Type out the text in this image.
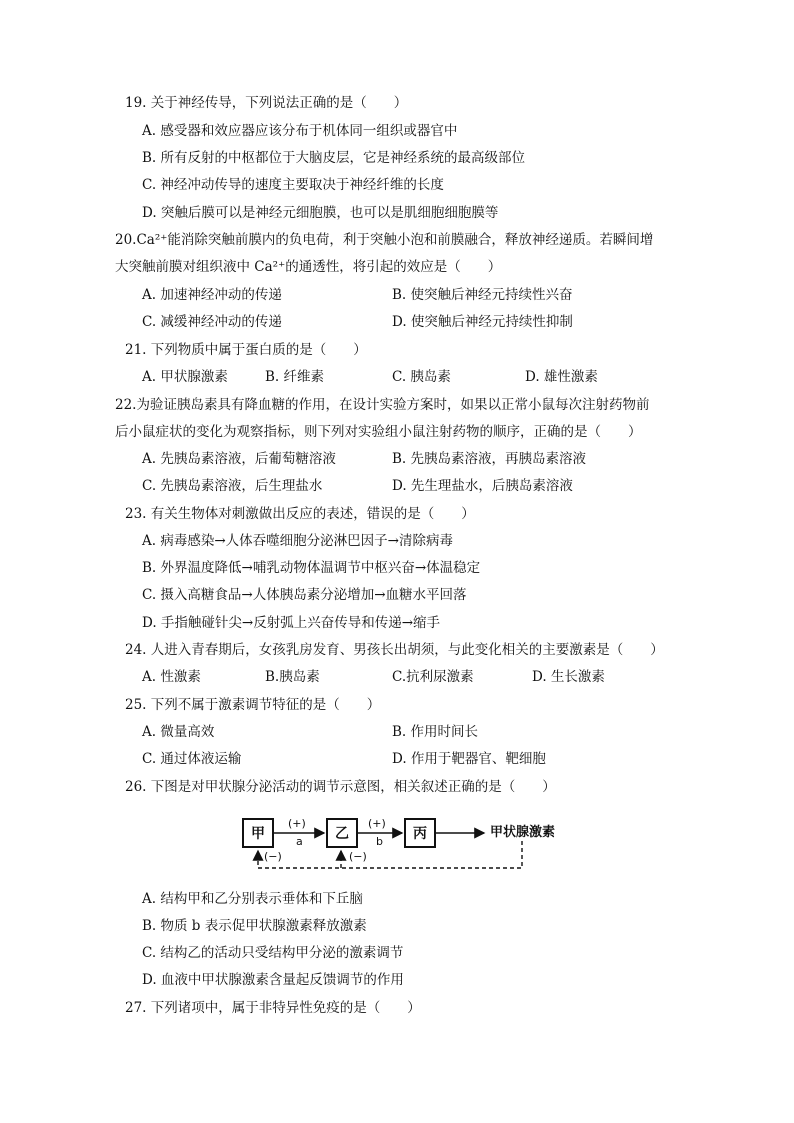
19. 关于神经传导，下列说法正确的是（　　）
A. 感受器和效应器应该分布于机体同一组织或器官中
B. 所有反射的中枢都位于大脑皮层，它是神经系统的最高级部位
C. 神经冲动传导的速度主要取决于神经纤维的长度
D. 突触后膜可以是神经元细胞膜，也可以是肌细胞细胞膜等
20.Ca²⁺能消除突触前膜内的负电荷，利于突触小泡和前膜融合，释放神经递质。若瞬间增
大突触前膜对组织液中 Ca²⁺的通透性，将引起的效应是（　　）
A. 加速神经冲动的传递	B. 使突触后神经元持续性兴奋
C. 减缓神经冲动的传递	D. 使突触后神经元持续性抑制
21. 下列物质中属于蛋白质的是（　　）
A. 甲状腺激素	B. 纤维素	C. 胰岛素	D. 雄性激素
22.为验证胰岛素具有降血糖的作用，在设计实验方案时，如果以正常小鼠每次注射药物前
后小鼠症状的变化为观察指标，则下列对实验组小鼠注射药物的顺序，正确的是（　　）
A. 先胰岛素溶液，后葡萄糖溶液	B. 先胰岛素溶液，再胰岛素溶液
C. 先胰岛素溶液，后生理盐水	D. 先生理盐水，后胰岛素溶液
23. 有关生物体对刺激做出反应的表述，错误的是（　　）
A. 病毒感染→人体吞噬细胞分泌淋巴因子→清除病毒
B. 外界温度降低→哺乳动物体温调节中枢兴奋→体温稳定
C. 摄入高糖食品→人体胰岛素分泌增加→血糖水平回落
D. 手指触碰针尖→反射弧上兴奋传导和传递→缩手
24. 人进入青春期后，女孩乳房发育、男孩长出胡须，与此变化相关的主要激素是（　　）
A. 性激素	B.胰岛素	C.抗利尿激素	D. 生长激素
25. 下列不属于激素调节特征的是（　　）
A. 微量高效	B. 作用时间长
C. 通过体液运输	D. 作用于靶器官、靶细胞
26. 下图是对甲状腺分泌活动的调节示意图，相关叙述正确的是（　　）
甲	乙	丙
(+)
a
(+)
b
(−)	(−)
甲状腺激素
A. 结构甲和乙分别表示垂体和下丘脑
B. 物质 b 表示促甲状腺激素释放激素
C. 结构乙的活动只受结构甲分泌的激素调节
D. 血液中甲状腺激素含量起反馈调节的作用
27. 下列诸项中，属于非特异性免疫的是（　　）
